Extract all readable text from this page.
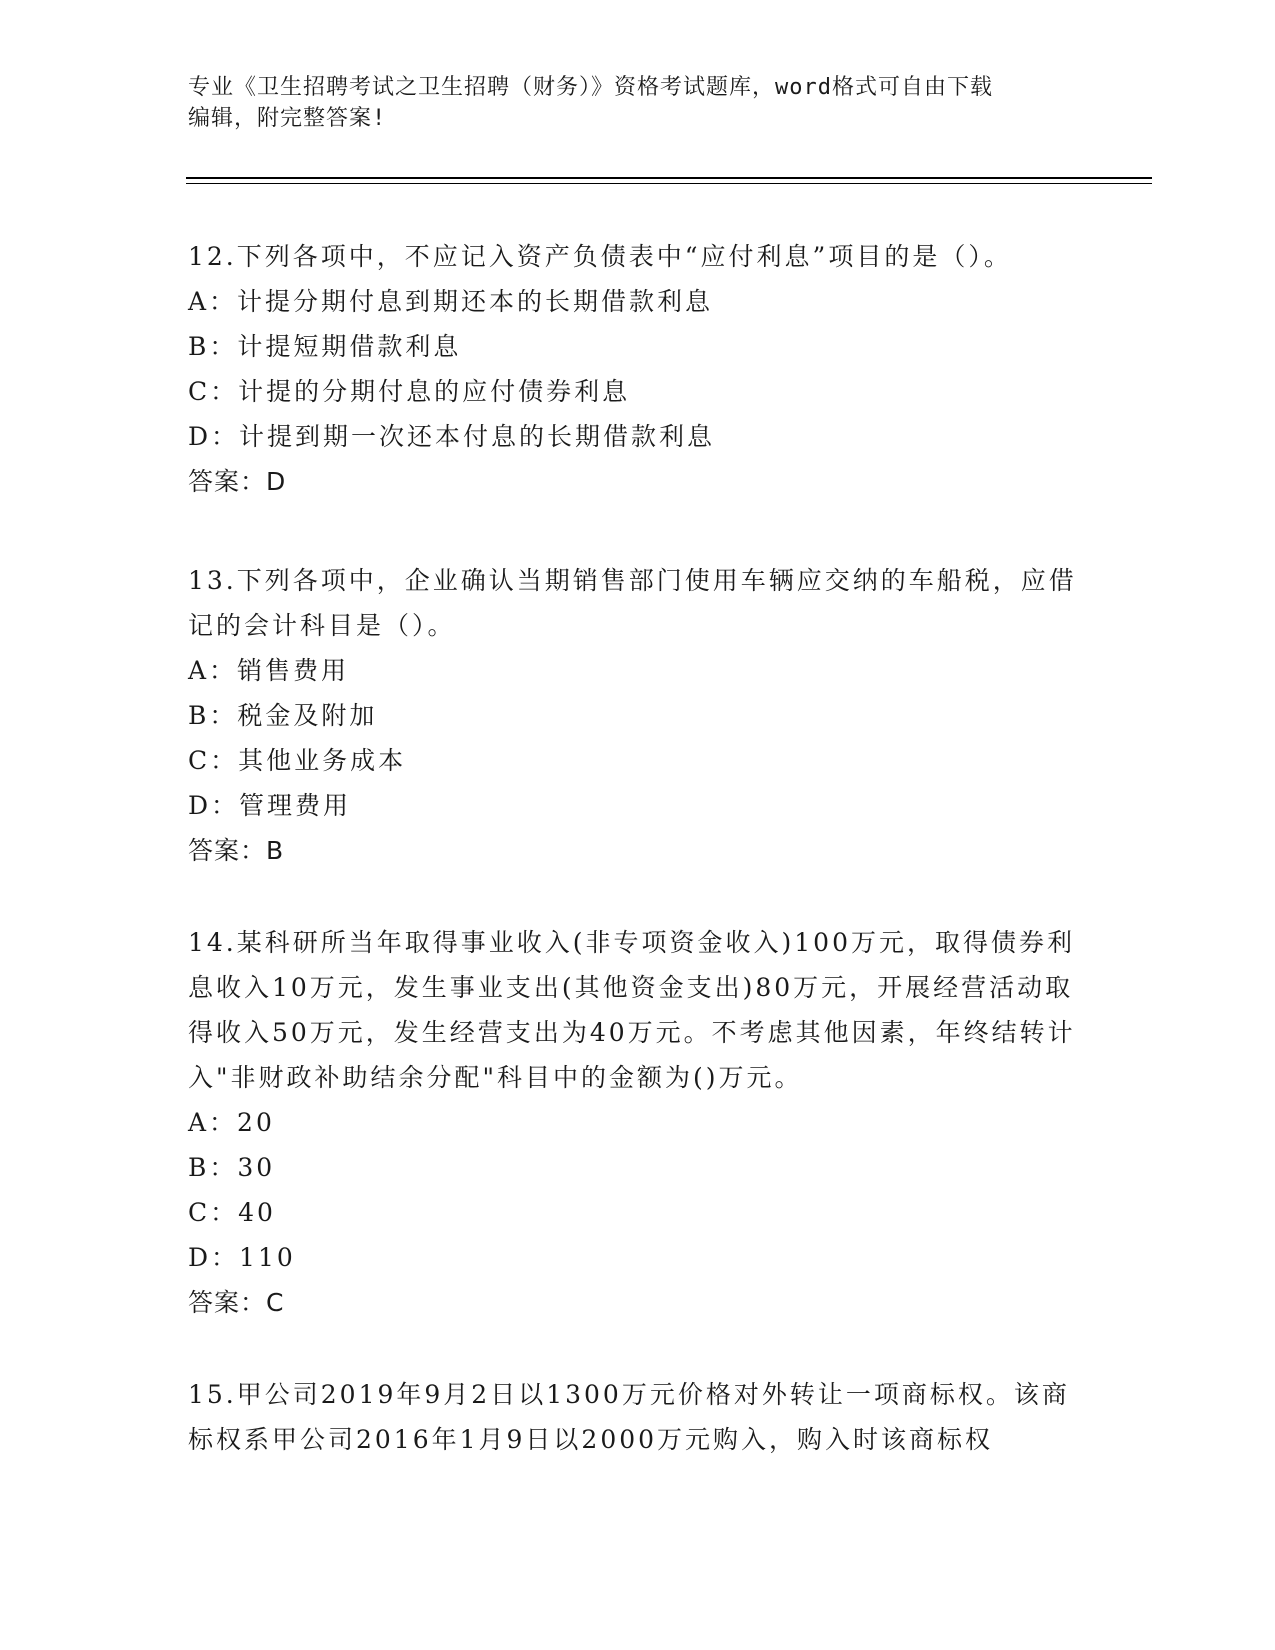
专业《卫生招聘考试之卫生招聘（财务）》资格考试题库，word格式可自由下载
编辑，附完整答案!
12.下列各项中，不应记入资产负债表中“应付利息”项目的是（）。
A：计提分期付息到期还本的长期借款利息
B：计提短期借款利息
C：计提的分期付息的应付债券利息
D：计提到期一次还本付息的长期借款利息
答案：D
13.下列各项中，企业确认当期销售部门使用车辆应交纳的车船税，应借记的会计科目是（）。
A：销售费用
B：税金及附加
C：其他业务成本
D：管理费用
答案：B
14.某科研所当年取得事业收入(非专项资金收入)100万元，取得债券利息收入10万元，发生事业支出(其他资金支出)80万元，开展经营活动取得收入50万元，发生经营支出为40万元。不考虑其他因素，年终结转计入"非财政补助结余分配"科目中的金额为()万元。
A：20
B：30
C：40
D：110
答案：C
15.甲公司2019年9月2日以1300万元价格对外转让一项商标权。该商标权系甲公司2016年1月9日以2000万元购入，购入时该商标权
